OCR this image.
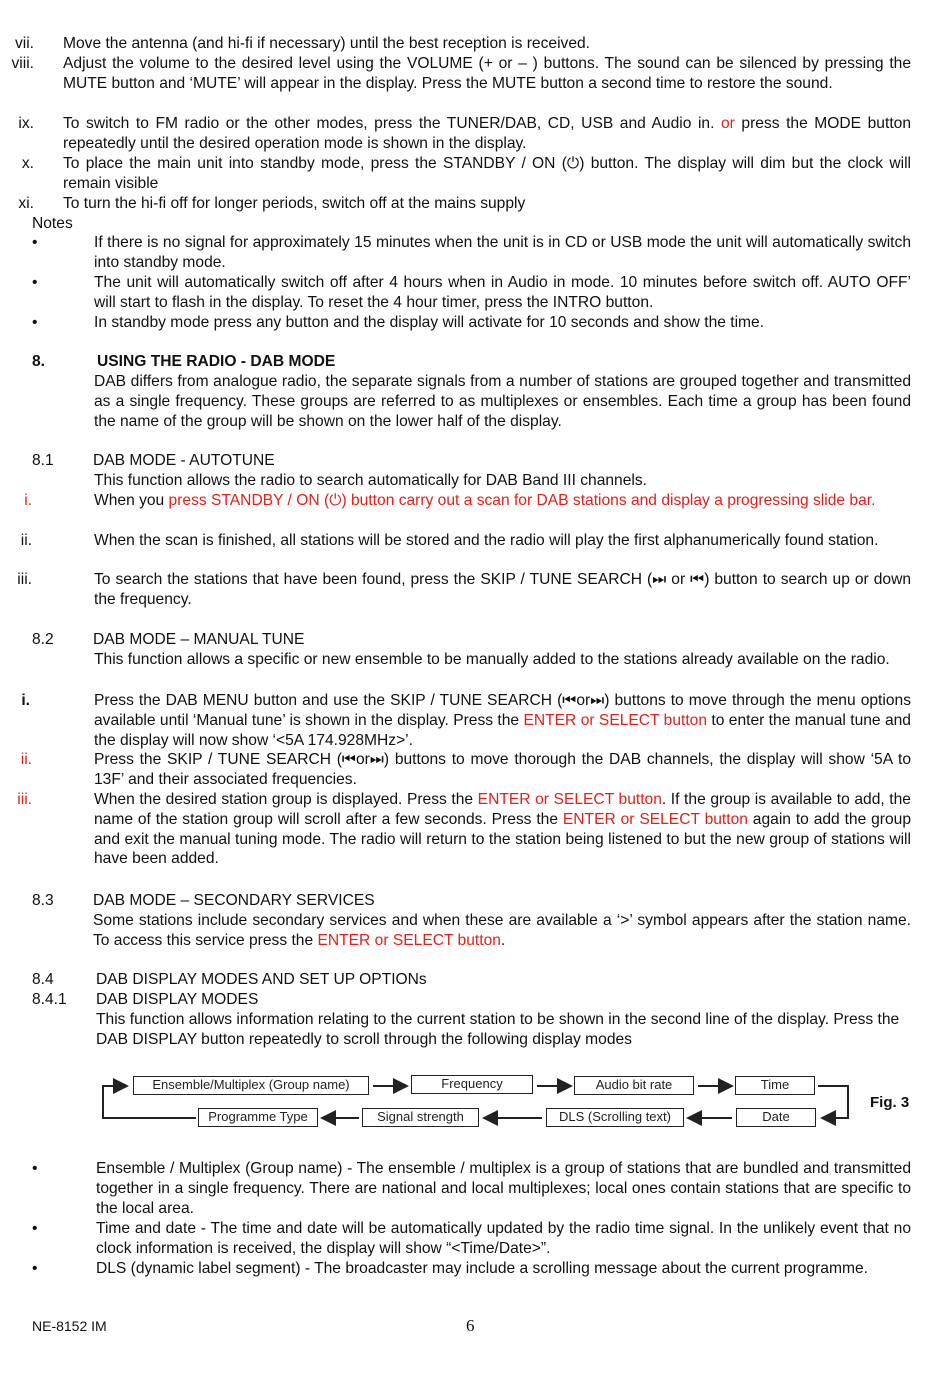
vii. Move the antenna (and hi-fi if necessary) until the best reception is received.
viii. Adjust the volume to the desired level using the VOLUME (+ or – ) buttons. The sound can be silenced by pressing the MUTE button and ‘MUTE’ will appear in the display. Press the MUTE button a second time to restore the sound.
ix. To switch to FM radio or the other modes, press the TUNER/DAB, CD, USB and Audio in. or press the MODE button repeatedly until the desired operation mode is shown in the display.
x. To place the main unit into standby mode, press the STANDBY / ON (⏻) button. The display will dim but the clock will remain visible
xi. To turn the hi-fi off for longer periods, switch off at the mains supply
Notes
•	If there is no signal for approximately 15 minutes when the unit is in CD or USB mode the unit will automatically switch into standby mode.
•	The unit will automatically switch off after 4 hours when in Audio in mode. 10 minutes before switch off. AUTO OFF’ will start to flash in the display. To reset the 4 hour timer, press the INTRO button.
•	In standby mode press any button and the display will activate for 10 seconds and show the time.
8.	USING THE RADIO - DAB MODE
DAB differs from analogue radio, the separate signals from a number of stations are grouped together and transmitted as a single frequency. These groups are referred to as multiplexes or ensembles. Each time a group has been found the name of the group will be shown on the lower half of the display.
8.1	DAB MODE - AUTOTUNE
This function allows the radio to search automatically for DAB Band III channels.
i.	When you press STANDBY / ON (⏻) button carry out a scan for DAB stations and display a progressing slide bar.
ii.	When the scan is finished, all stations will be stored and the radio will play the first alphanumerically found station.
iii.	To search the stations that have been found, press the SKIP / TUNE SEARCH (⏭ or ⏮) button to search up or down the frequency.
8.2	DAB MODE – MANUAL TUNE
This function allows a specific or new ensemble to be manually added to the stations already available on the radio.
i.	Press the DAB MENU button and use the SKIP / TUNE SEARCH (⏮or⏭) buttons to move through the menu options available until ‘Manual tune’ is shown in the display. Press the ENTER or SELECT button to enter the manual tune and the display will now show ‘<5A 174.928MHz>’.
ii.	Press the SKIP / TUNE SEARCH (⏮or⏭) buttons to move thorough the DAB channels, the display will show ‘5A to 13F’ and their associated frequencies.
iii.	When the desired station group is displayed. Press the ENTER or SELECT button. If the group is available to add, the name of the station group will scroll after a few seconds. Press the ENTER or SELECT button again to add the group and exit the manual tuning mode. The radio will return to the station being listened to but the new group of stations will have been added.
8.3	DAB MODE – SECONDARY SERVICES
Some stations include secondary services and when these are available a ‘>’ symbol appears after the station name. To access this service press the ENTER or SELECT button.
8.4	DAB DISPLAY MODES AND SET UP OPTIONs
8.4.1 DAB DISPLAY MODES
This function allows information relating to the current station to be shown in the second line of the display. Press the DAB DISPLAY button repeatedly to scroll through the following display modes
Ensemble/Multiplex (Group name)	Frequency	Audio bit rate	Time
Date
DLS (Scrolling text)
Signal strength
Programme Type
Fig. 3
•	Ensemble / Multiplex (Group name) - The ensemble / multiplex is a group of stations that are bundled and transmitted together in a single frequency. There are national and local multiplexes; local ones contain stations that are specific to the local area.
•	Time and date - The time and date will be automatically updated by the radio time signal. In the unlikely event that no clock information is received, the display will show “<Time/Date>”.
•	DLS (dynamic label segment) - The broadcaster may include a scrolling message about the current programme.
NE-8152 IM	6
